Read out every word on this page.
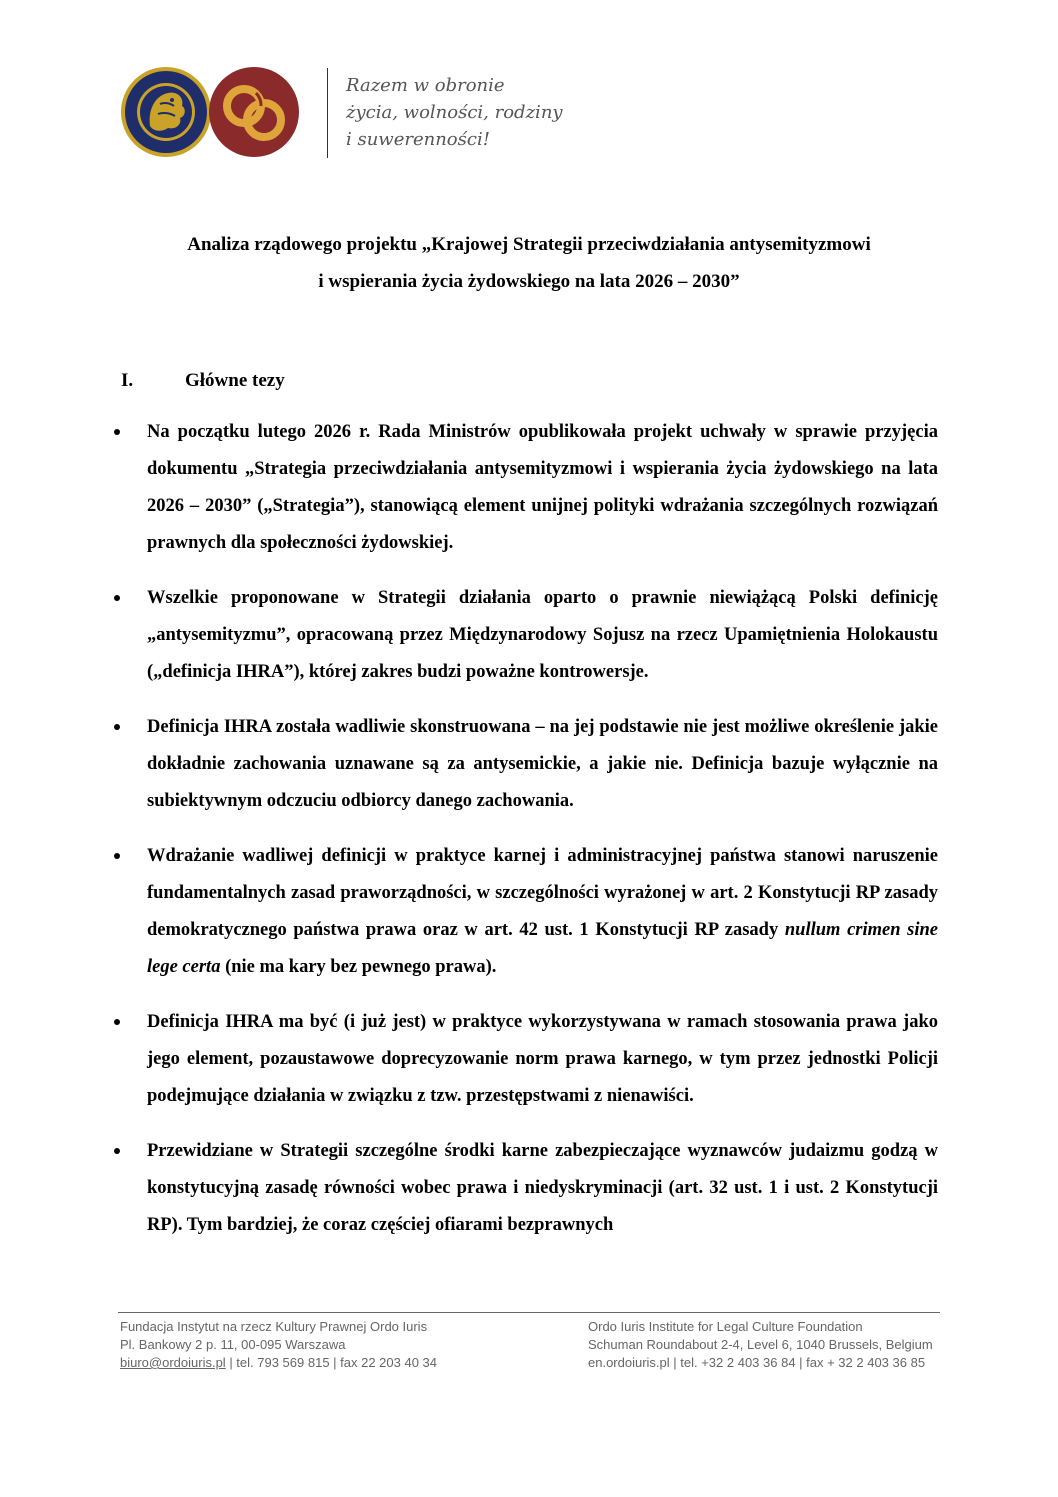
Razem w obronie
życia, wolności, rodziny
i suwerenności!
Analiza rządowego projektu „Krajowej Strategii przeciwdziałania antysemityzmowi
i wspierania życia żydowskiego na lata 2026 – 2030”
I.	Główne tezy

Na początku lutego 2026 r. Rada Ministrów opublikowała projekt uchwały w sprawie przyjęcia dokumentu „Strategia przeciwdziałania antysemityzmowi i wspierania życia żydowskiego na lata 2026 – 2030” („Strategia”), stanowiącą element unijnej polityki wdrażania szczególnych rozwiązań prawnych dla społeczności żydowskiej.

Wszelkie proponowane w Strategii działania oparto o prawnie niewiążącą Polski definicję „antysemityzmu”, opracowaną przez Międzynarodowy Sojusz na rzecz Upamiętnienia Holokaustu („definicja IHRA”), której zakres budzi poważne kontrowersje.

Definicja IHRA została wadliwie skonstruowana – na jej podstawie nie jest możliwe określenie jakie dokładnie zachowania uznawane są za antysemickie, a jakie nie. Definicja bazuje wyłącznie na subiektywnym odczuciu odbiorcy danego zachowania.

Wdrażanie wadliwej definicji w praktyce karnej i administracyjnej państwa stanowi naruszenie fundamentalnych zasad praworządności, w szczególności wyrażonej w art. 2 Konstytucji RP zasady demokratycznego państwa prawa oraz w art. 42 ust. 1 Konstytucji RP zasady nullum crimen sine lege certa (nie ma kary bez pewnego prawa).

Definicja IHRA ma być (i już jest) w praktyce wykorzystywana w ramach stosowania prawa jako jego element, pozaustawowe doprecyzowanie norm prawa karnego, w tym przez jednostki Policji podejmujące działania w związku z tzw. przestępstwami z nienawiści.

Przewidziane w Strategii szczególne środki karne zabezpieczające wyznawców judaizmu godzą w konstytucyjną zasadę równości wobec prawa i niedyskryminacji (art. 32 ust. 1 i ust. 2 Konstytucji RP). Tym bardziej, że coraz częściej ofiarami bezprawnych

Fundacja Instytut na rzecz Kultury Prawnej Ordo Iuris
Pl. Bankowy 2 p. 11, 00-095 Warszawa
biuro@ordoiuris.pl | tel. 793 569 815 | fax 22 203 40 34
Ordo Iuris Institute for Legal Culture Foundation
Schuman Roundabout 2-4, Level 6, 1040 Brussels, Belgium
en.ordoiuris.pl | tel. +32 2 403 36 84 | fax + 32 2 403 36 85
